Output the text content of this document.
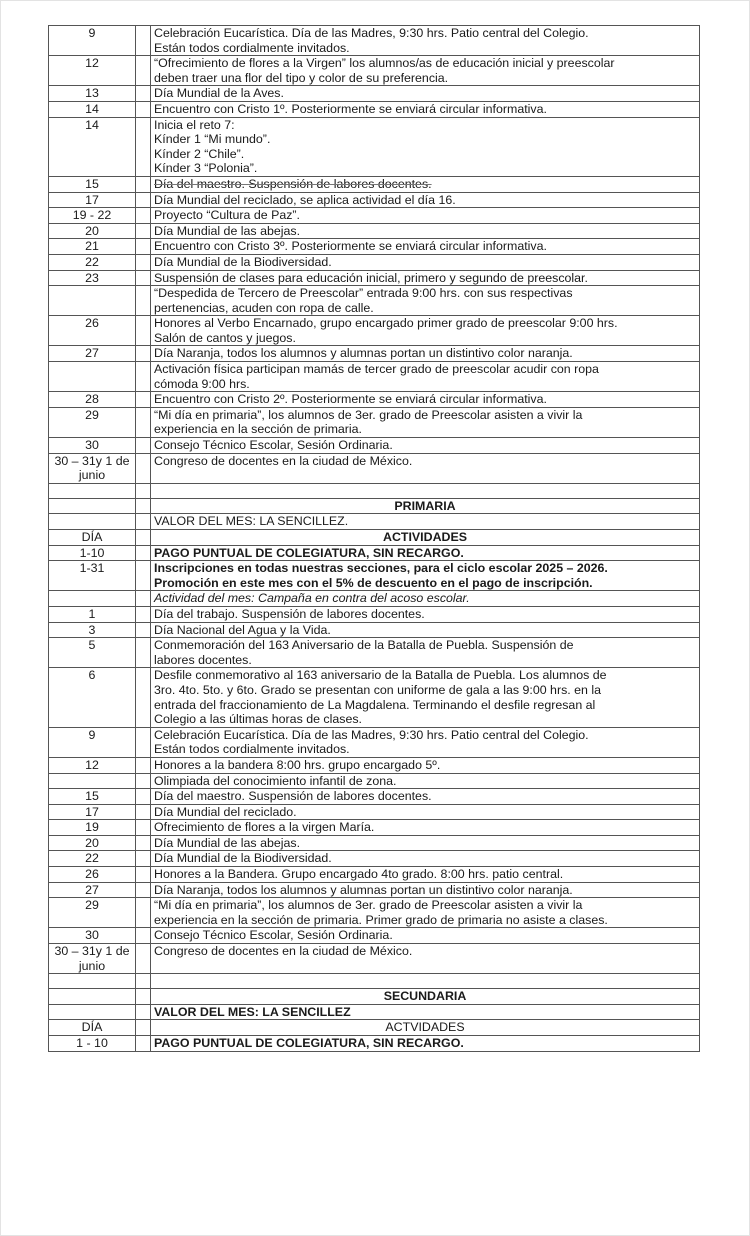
9		Celebración Eucarística. Día de las Madres, 9:30 hrs. Patio central del Colegio.
Están todos cordialmente invitados.

12		“Ofrecimiento de flores a la Virgen” los alumnos/as de educación inicial y preescolar
deben traer una flor del tipo y color de su preferencia.

13		Día Mundial de la Aves.

14		Encuentro con Cristo 1º. Posteriormente se enviará circular informativa.

14		Inicia el reto 7:
Kínder 1 “Mi mundo”.
Kínder 2 “Chile”.
Kínder 3 “Polonia”.

15		Día del maestro. Suspensión de labores docentes.

17		Día Mundial del reciclado, se aplica actividad el día 16.

19 - 22		Proyecto “Cultura de Paz”.

20		Día Mundial de las abejas.

21		Encuentro con Cristo 3º. Posteriormente se enviará circular informativa.

22		Día Mundial de la Biodiversidad.

23		Suspensión de clases para educación inicial, primero y segundo de preescolar.

		“Despedida de Tercero de Preescolar” entrada 9:00 hrs. con sus respectivas
pertenencias, acuden con ropa de calle.

26		Honores al Verbo Encarnado, grupo encargado primer grado de preescolar 9:00 hrs.
Salón de cantos y juegos.

27		Día Naranja, todos los alumnos y alumnas portan un distintivo color naranja.

		Activación física participan mamás de tercer grado de preescolar acudir con ropa
cómoda 9:00 hrs.

28		Encuentro con Cristo 2º. Posteriormente se enviará circular informativa.

29		“Mi día en primaria”, los alumnos de 3er. grado de Preescolar asisten a vivir la
experiencia en la sección de primaria.

30		Consejo Técnico Escolar, Sesión Ordinaria.

30 – 31y 1 de junio		Congreso de docentes en la ciudad de México.

		PRIMARIA

		VALOR DEL MES: LA SENCILLEZ.

DÍA		ACTIVIDADES

1-10		PAGO PUNTUAL DE COLEGIATURA, SIN RECARGO.

1-31		Inscripciones en todas nuestras secciones, para el ciclo escolar 2025 – 2026.
Promoción en este mes con el 5% de descuento en el pago de inscripción.

		Actividad del mes: Campaña en contra del acoso escolar.

1		Día del trabajo. Suspensión de labores docentes.

3		Día Nacional del Agua y la Vida.

5		Conmemoración del 163 Aniversario de la Batalla de Puebla. Suspensión de
labores docentes.

6		Desfile conmemorativo al 163 aniversario de la Batalla de Puebla. Los alumnos de
3ro. 4to. 5to. y 6to. Grado se presentan con uniforme de gala a las 9:00 hrs. en la
entrada del fraccionamiento de La Magdalena. Terminando el desfile regresan al
Colegio a las últimas horas de clases.

9		Celebración Eucarística. Día de las Madres, 9:30 hrs. Patio central del Colegio.
Están todos cordialmente invitados.

12		Honores a la bandera 8:00 hrs. grupo encargado 5º.

		Olimpiada del conocimiento infantil de zona.

15		Día del maestro. Suspensión de labores docentes.

17		Día Mundial del reciclado.

19		Ofrecimiento de flores a la virgen María.

20		Día Mundial de las abejas.

22		Día Mundial de la Biodiversidad.

26		Honores a la Bandera. Grupo encargado 4to grado. 8:00 hrs. patio central.

27		Día Naranja, todos los alumnos y alumnas portan un distintivo color naranja.

29		“Mi día en primaria”, los alumnos de 3er. grado de Preescolar asisten a vivir la
experiencia en la sección de primaria. Primer grado de primaria no asiste a clases.

30		Consejo Técnico Escolar, Sesión Ordinaria.

30 – 31y 1 de junio		Congreso de docentes en la ciudad de México.

		SECUNDARIA

		VALOR DEL MES: LA SENCILLEZ

DÍA		ACTVIDADES

1 - 10		PAGO PUNTUAL DE COLEGIATURA, SIN RECARGO.
